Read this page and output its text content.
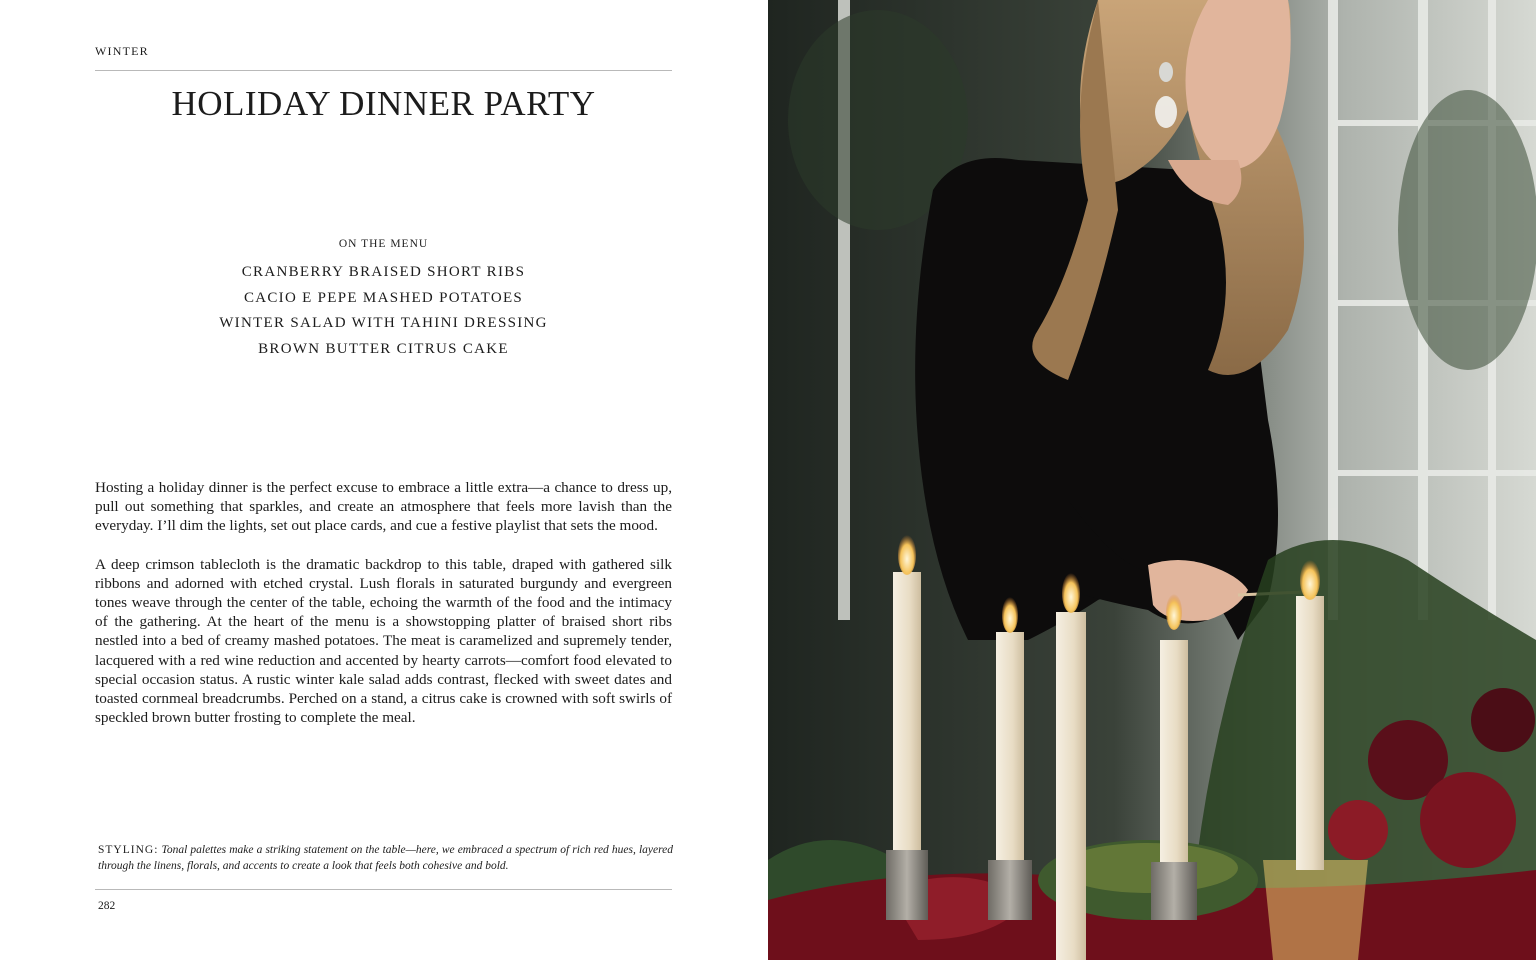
WINTER
HOLIDAY DINNER PARTY
ON THE MENU
CRANBERRY BRAISED SHORT RIBS
CACIO E PEPE MASHED POTATOES
WINTER SALAD WITH TAHINI DRESSING
BROWN BUTTER CITRUS CAKE

Hosting a holiday dinner is the perfect excuse to embrace a little extra—a chance to dress up, pull out something that sparkles, and create an atmosphere that feels more lavish than the everyday. I’ll dim the lights, set out place cards, and cue a festive playlist that sets the mood.

A deep crimson tablecloth is the dramatic backdrop to this table, draped with gathered silk ribbons and adorned with etched crystal. Lush florals in saturated burgundy and evergreen tones weave through the center of the table, echoing the warmth of the food and the intimacy of the gathering. At the heart of the menu is a showstopping platter of braised short ribs nestled into a bed of creamy mashed potatoes. The meat is caramelized and supremely tender, lacquered with a red wine reduction and accented by hearty carrots—comfort food elevated to special occasion status. A rustic winter kale salad adds contrast, flecked with sweet dates and toasted cornmeal breadcrumbs. Perched on a stand, a citrus cake is crowned with soft swirls of speckled brown butter frosting to complete the meal.

STYLING: Tonal palettes make a striking statement on the table—here, we embraced a spectrum of rich red hues, layered through the linens, florals, and accents to create a look that feels both cohesive and bold.
282
